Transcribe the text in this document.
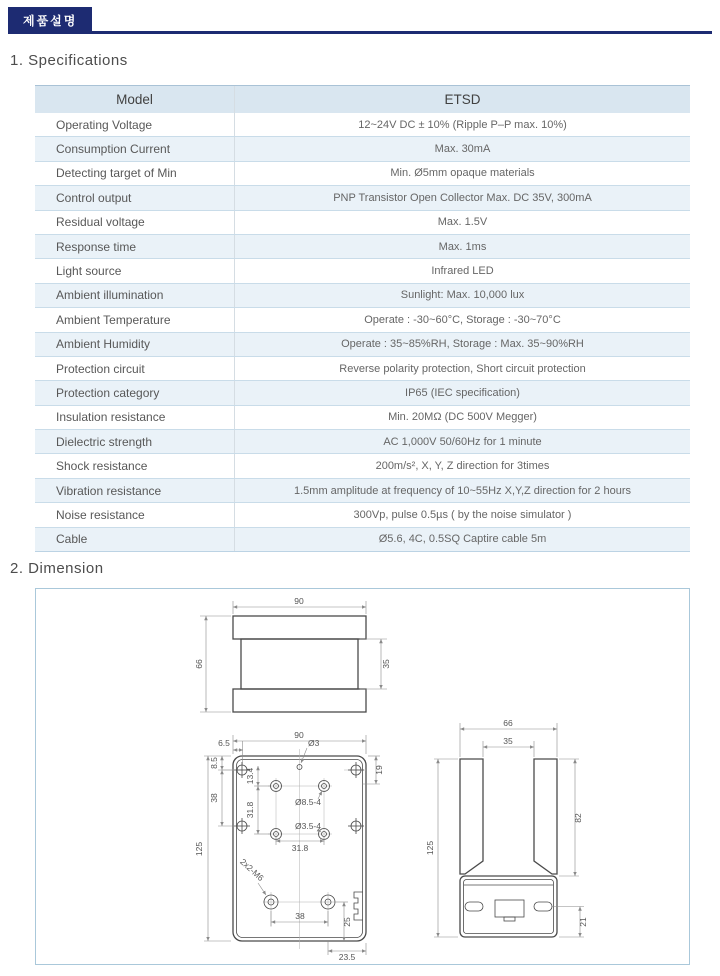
제품설명
1. Specifications
Model	ETSD
Operating Voltage	12~24V DC ± 10% (Ripple P–P max. 10%)
Consumption Current	Max. 30mA
Detecting target of Min	Min. Ø5mm opaque materials
Control output	PNP Transistor Open Collector Max. DC 35V, 300mA
Residual voltage	Max. 1.5V
Response time	Max. 1ms
Light source	Infrared LED
Ambient illumination	Sunlight: Max. 10,000 lux
Ambient Temperature	Operate : -30~60°C, Storage : -30~70°C
Ambient Humidity	Operate : 35~85%RH, Storage : Max. 35~90%RH
Protection circuit	Reverse polarity protection, Short circuit protection
Protection category	IP65 (IEC specification)
Insulation resistance	Min. 20MΩ (DC 500V Megger)
Dielectric strength	AC 1,000V 50/60Hz for 1 minute
Shock resistance	200m/s², X, Y, Z direction for 3times
Vibration resistance	1.5mm amplitude at frequency of 10~55Hz X,Y,Z direction for 2 hours
Noise resistance	300Vp, pulse 0.5µs ( by the noise simulator )
Cable	Ø5.6, 4C, 0.5SQ Captire cable 5m
2. Dimension
90
66	35
90
6.5
8.5
38
13.4
31.8
125
19
Ø3
Ø8.5-4
Ø3.5-4
31.8
2x2-M6
38
25
23.5
66
35
125
82
21
